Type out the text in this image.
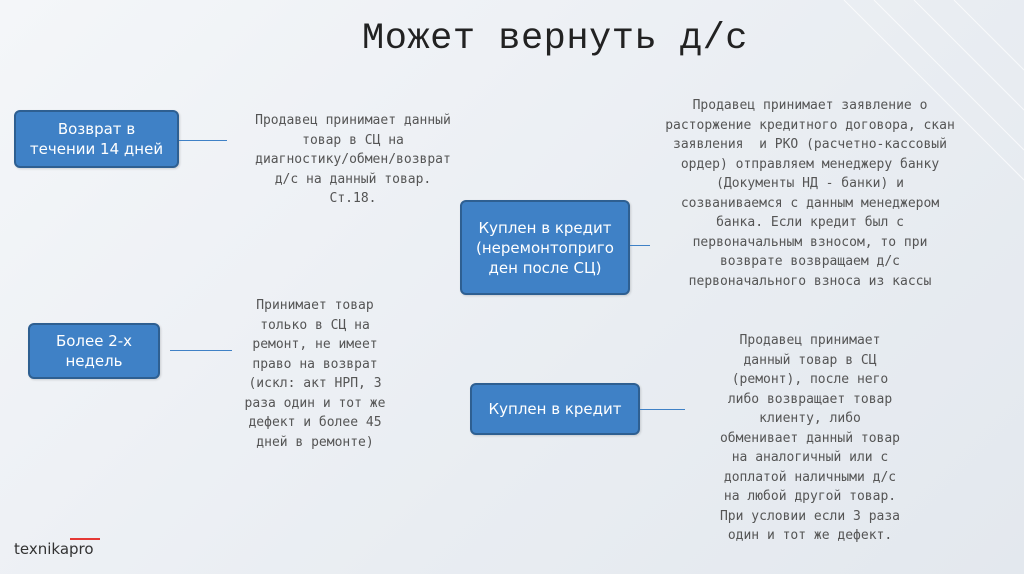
Может вернуть д/с
Возврат в
течении 14 дней
Продавец принимает данный
товар в СЦ на
диагностику/обмен/возврат
д/с на данный товар.
Ст.18.
Более 2-х
недель
Принимает товар
только в СЦ на
ремонт, не имеет
право на возврат
(искл: акт НРП, 3
раза один и тот же
дефект и более 45
дней в ремонте)
Куплен в кредит
(неремонтоприго
ден после СЦ)
Продавец принимает заявление о
расторжение кредитного договора, скан
заявления  и РКО (расчетно-кассовый
ордер) отправляем менеджеру банку
(Документы НД - банки) и
созваниваемся с данным менеджером
банка. Если кредит был с
первоначальным взносом, то при
возврате возвращаем д/с
первоначального взноса из кассы
Куплен в кредит
Продавец принимает
данный товар в СЦ
(ремонт), после него
либо возвращает товар
клиенту, либо
обменивает данный товар
на аналогичный или с
доплатой наличными д/с
на любой другой товар.
При условии если 3 раза
один и тот же дефект.
texnikapro
